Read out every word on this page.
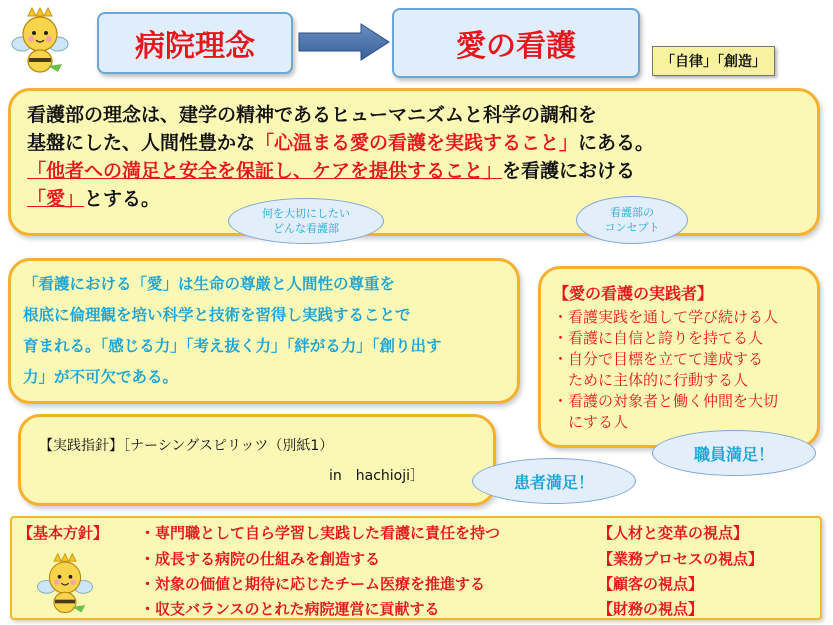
病院理念	愛の看護	「自律」「創造」
看護部の理念は、建学の精神であるヒューマニズムと科学の調和を
基盤にした、人間性豊かな「心温まる愛の看護を実践すること」にある。
「他者への満足と安全を保証し、ケアを提供すること」を看護における
「愛」とする。
何を大切にしたい
どんな看護部
看護部の
コンセプト
「看護における「愛」は生命の尊厳と人間性の尊重を
根底に倫理観を培い科学と技術を習得し実践することで
育まれる。「感じる力」「考え抜く力」「絆がる力」「創り出す
力」が不可欠である。
【愛の看護の実践者】
・看護実践を通して学び続ける人
・看護に自信と誇りを持てる人
・自分で目標を立てて達成する
　ために主体的に行動する人
・看護の対象者と働く仲間を大切
　にする人
【実践指針】［ナーシングスピリッツ（別紙1）
in　hachioji］
職員満足！
患者満足！
【基本方針】 ・専門職として自ら学習し実践した看護に責任を持つ
・成長する病院の仕組みを創造する
・対象の価値と期待に応じたチーム医療を推進する
・収支バランスのとれた病院運営に貢献する
【人材と変革の視点】
【業務プロセスの視点】
【顧客の視点】
【財務の視点】
